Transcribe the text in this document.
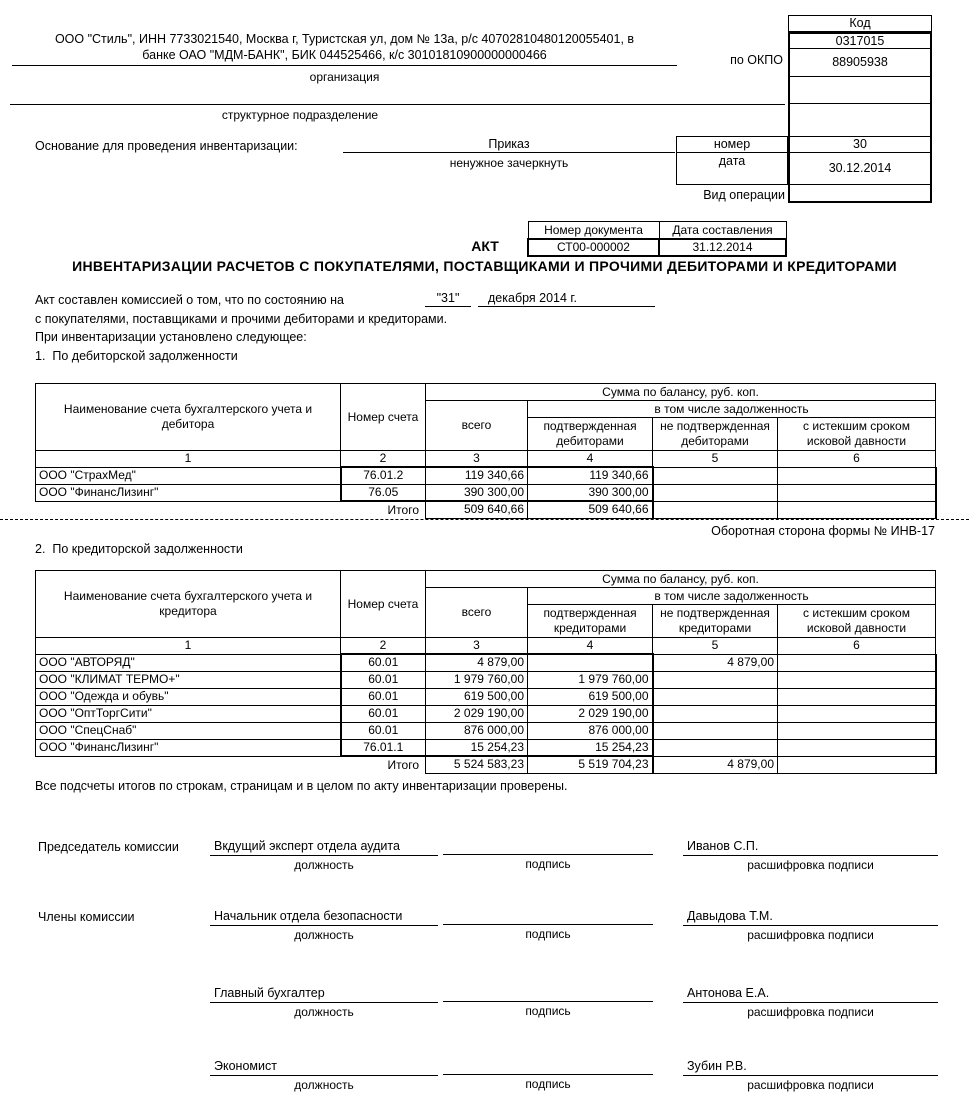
ООО "Стиль", ИНН 7733021540, Москва г, Туристская ул, дом № 13а, р/с 40702810480120055401, в
банке ОАО "МДМ-БАНК", БИК 044525466, к/с 30101810900000000466
организация
по ОКПО
структурное подразделение
Основание для проведения инвентаризации:	Приказ
ненужное зачеркнуть
номер
дата
Вид операции
Код
0317015
88905938
30
30.12.2014
АКТ
Номер документа	Дата составления
СТ00-000002	31.12.2014
ИНВЕНТАРИЗАЦИИ РАСЧЕТОВ С ПОКУПАТЕЛЯМИ, ПОСТАВЩИКАМИ И ПРОЧИМИ ДЕБИТОРАМИ И КРЕДИТОРАМИ
Акт составлен комиссией о том, что по состоянию на	"31"	декабря 2014 г.
с покупателями, поставщиками и прочими дебиторами и кредиторами.
При инвентаризации установлено следующее:
1.  По дебиторской задолженности
Наименование счета бухгалтерского учета и дебитора	Номер счета	Сумма по балансу, руб. коп.			
		всего	в том числе задолженность		
			подтвержденная дебиторами	не подтвержденная дебиторами	с истекшим сроком исковой давности
1	2	3	4	5	6
ООО "СтрахМед"	76.01.2	119 340,66	119 340,66		
ООО "ФинансЛизинг"	76.05	390 300,00	390 300,00		
Итого		509 640,66	509 640,66		
Оборотная сторона формы № ИНВ-17
2.  По кредиторской задолженности
Наименование счета бухгалтерского учета и кредитора	Номер счета	Сумма по балансу, руб. коп.			
		всего	в том числе задолженность		
			подтвержденная кредиторами	не подтвержденная кредиторами	с истекшим сроком исковой давности
1	2	3	4	5	6
ООО "АВТОРЯД"	60.01	4 879,00		4 879,00	
ООО "КЛИМАТ ТЕРМО+"	60.01	1 979 760,00	1 979 760,00		
ООО "Одежда и обувь"	60.01	619 500,00	619 500,00		
ООО "ОптТоргСити"	60.01	2 029 190,00	2 029 190,00		
ООО "СпецСнаб"	60.01	876 000,00	876 000,00		
ООО "ФинансЛизинг"	76.01.1	15 254,23	15 254,23		
Итого		5 524 583,23	5 519 704,23	4 879,00	
Все подсчеты итогов по строкам, страницам и в целом по акту инвентаризации проверены.
Председатель комиссии	Вкдущий эксперт отдела аудита
должность	подпись
Иванов С.П.
расшифровка подписи
Члены комиссии	Начальник отдела безопасности
должность	подпись
Давыдова Т.М.
расшифровка подписи
Главный бухгалтер
должность	подпись
Антонова Е.А.
расшифровка подписи
Экономист
должность	подпись
Зубин Р.В.
расшифровка подписи
